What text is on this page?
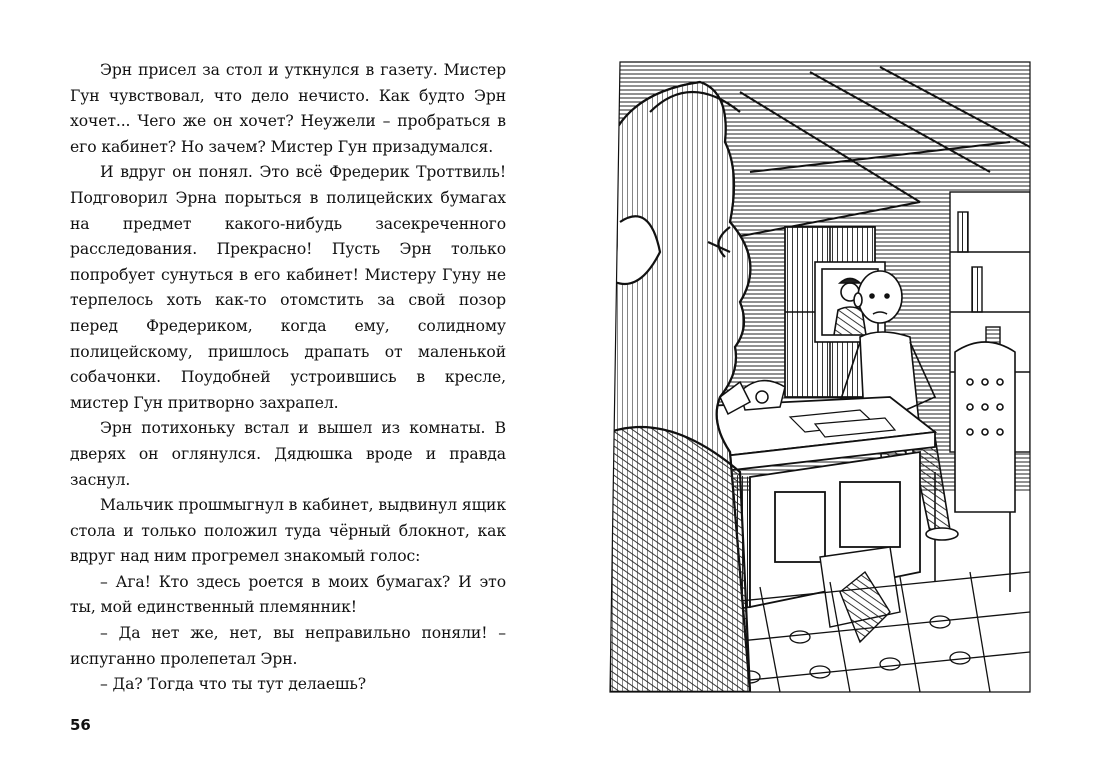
Эрн присел за стол и уткнулся в газету. Мистер Гун чувствовал, что дело нечисто. Как будто Эрн хочет... Чего же он хочет? Неужели – пробраться в его кабинет? Но зачем? Мистер Гун призадумался.

И вдруг он понял. Это всё Фредерик Троттвиль! Подговорил Эрна порыться в полицейских бумагах на предмет какого-нибудь засекреченного расследования. Прекрасно! Пусть Эрн только попробует сунуться в его кабинет! Мистеру Гуну не терпелось хоть как-то отомстить за свой позор перед Фредериком, когда ему, солидному полицейскому, пришлось драпать от маленькой собачонки. Поудобней устроившись в кресле, мистер Гун притворно захрапел.

Эрн потихоньку встал и вышел из комнаты. В дверях он оглянулся. Дядюшка вроде и правда заснул.

Мальчик прошмыгнул в кабинет, выдвинул ящик стола и только положил туда чёрный блокнот, как вдруг над ним прогремел знакомый голос:

– Ага! Кто здесь роется в моих бумагах? И это ты, мой единственный племянник!

– Да нет же, нет, вы неправильно поняли! – испуганно пролепетал Эрн.

– Да? Тогда что ты тут делаешь?

56
